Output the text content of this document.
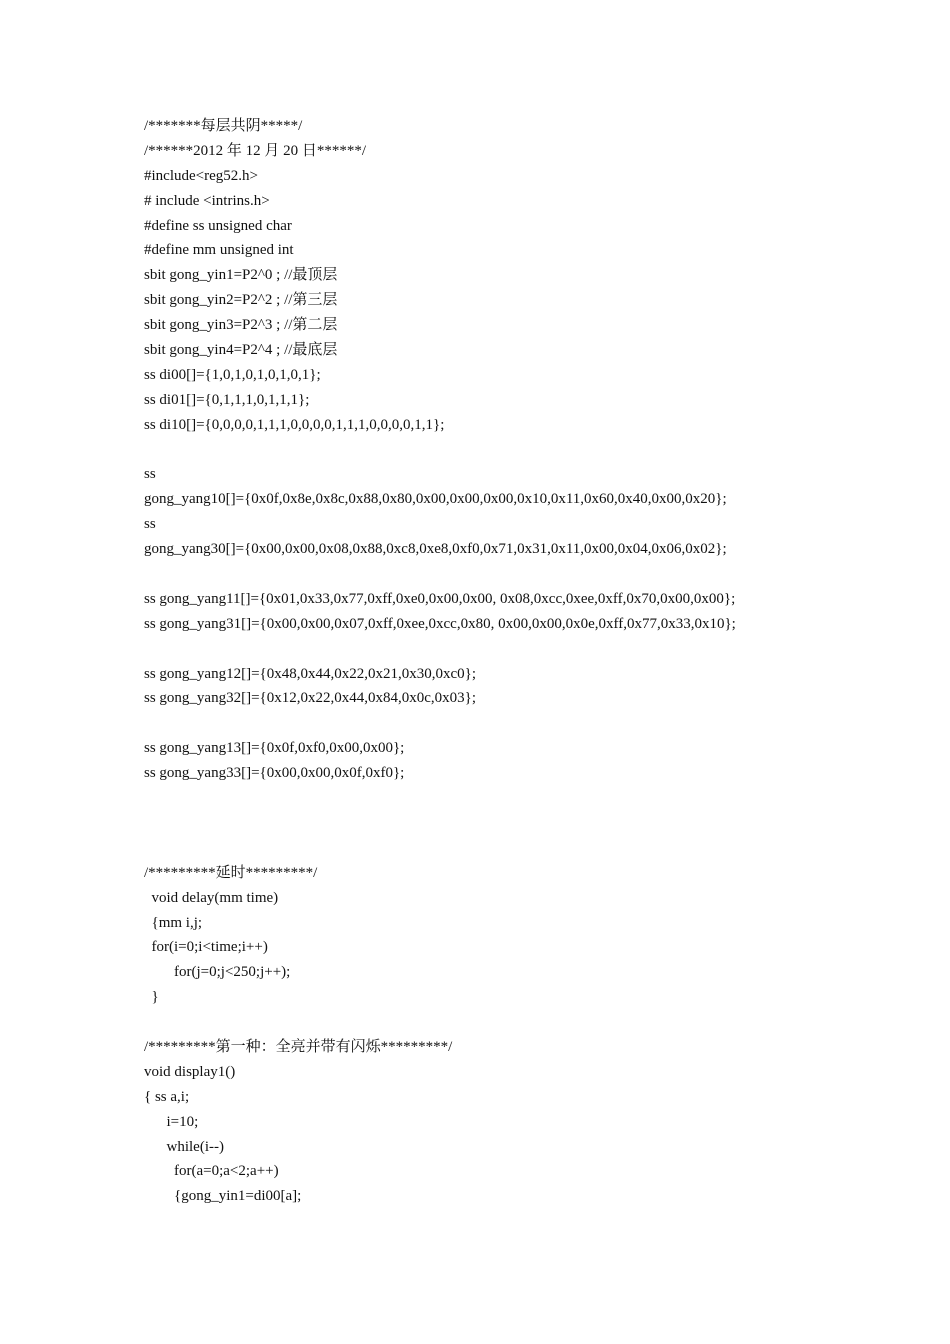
/*******每层共阴*****/
/******2012 年 12 月 20 日******/
#include<reg52.h>
# include <intrins.h>
#define ss unsigned char
#define mm unsigned int
sbit gong_yin1=P2^0 ; //最顶层
sbit gong_yin2=P2^2 ; //第三层
sbit gong_yin3=P2^3 ; //第二层
sbit gong_yin4=P2^4 ; //最底层
ss di00[]={1,0,1,0,1,0,1,0,1};
ss di01[]={0,1,1,1,0,1,1,1};
ss di10[]={0,0,0,0,1,1,1,0,0,0,0,1,1,1,0,0,0,0,1,1};
ss
gong_yang10[]={0x0f,0x8e,0x8c,0x88,0x80,0x00,0x00,0x00,0x10,0x11,0x60,0x40,0x00,0x20};
ss
gong_yang30[]={0x00,0x00,0x08,0x88,0xc8,0xe8,0xf0,0x71,0x31,0x11,0x00,0x04,0x06,0x02};
ss gong_yang11[]={0x01,0x33,0x77,0xff,0xe0,0x00,0x00, 0x08,0xcc,0xee,0xff,0x70,0x00,0x00};
ss gong_yang31[]={0x00,0x00,0x07,0xff,0xee,0xcc,0x80, 0x00,0x00,0x0e,0xff,0x77,0x33,0x10};
ss gong_yang12[]={0x48,0x44,0x22,0x21,0x30,0xc0};
ss gong_yang32[]={0x12,0x22,0x44,0x84,0x0c,0x03};
ss gong_yang13[]={0x0f,0xf0,0x00,0x00};
ss gong_yang33[]={0x00,0x00,0x0f,0xf0};
/*********延时*********/
void delay(mm time)
{mm i,j;
for(i=0;i<time;i++)
for(j=0;j<250;j++);
}
/*********第一种：全亮并带有闪烁*********/
void display1()
{ ss a,i;
i=10;
while(i--)
for(a=0;a<2;a++)
{gong_yin1=di00[a];
